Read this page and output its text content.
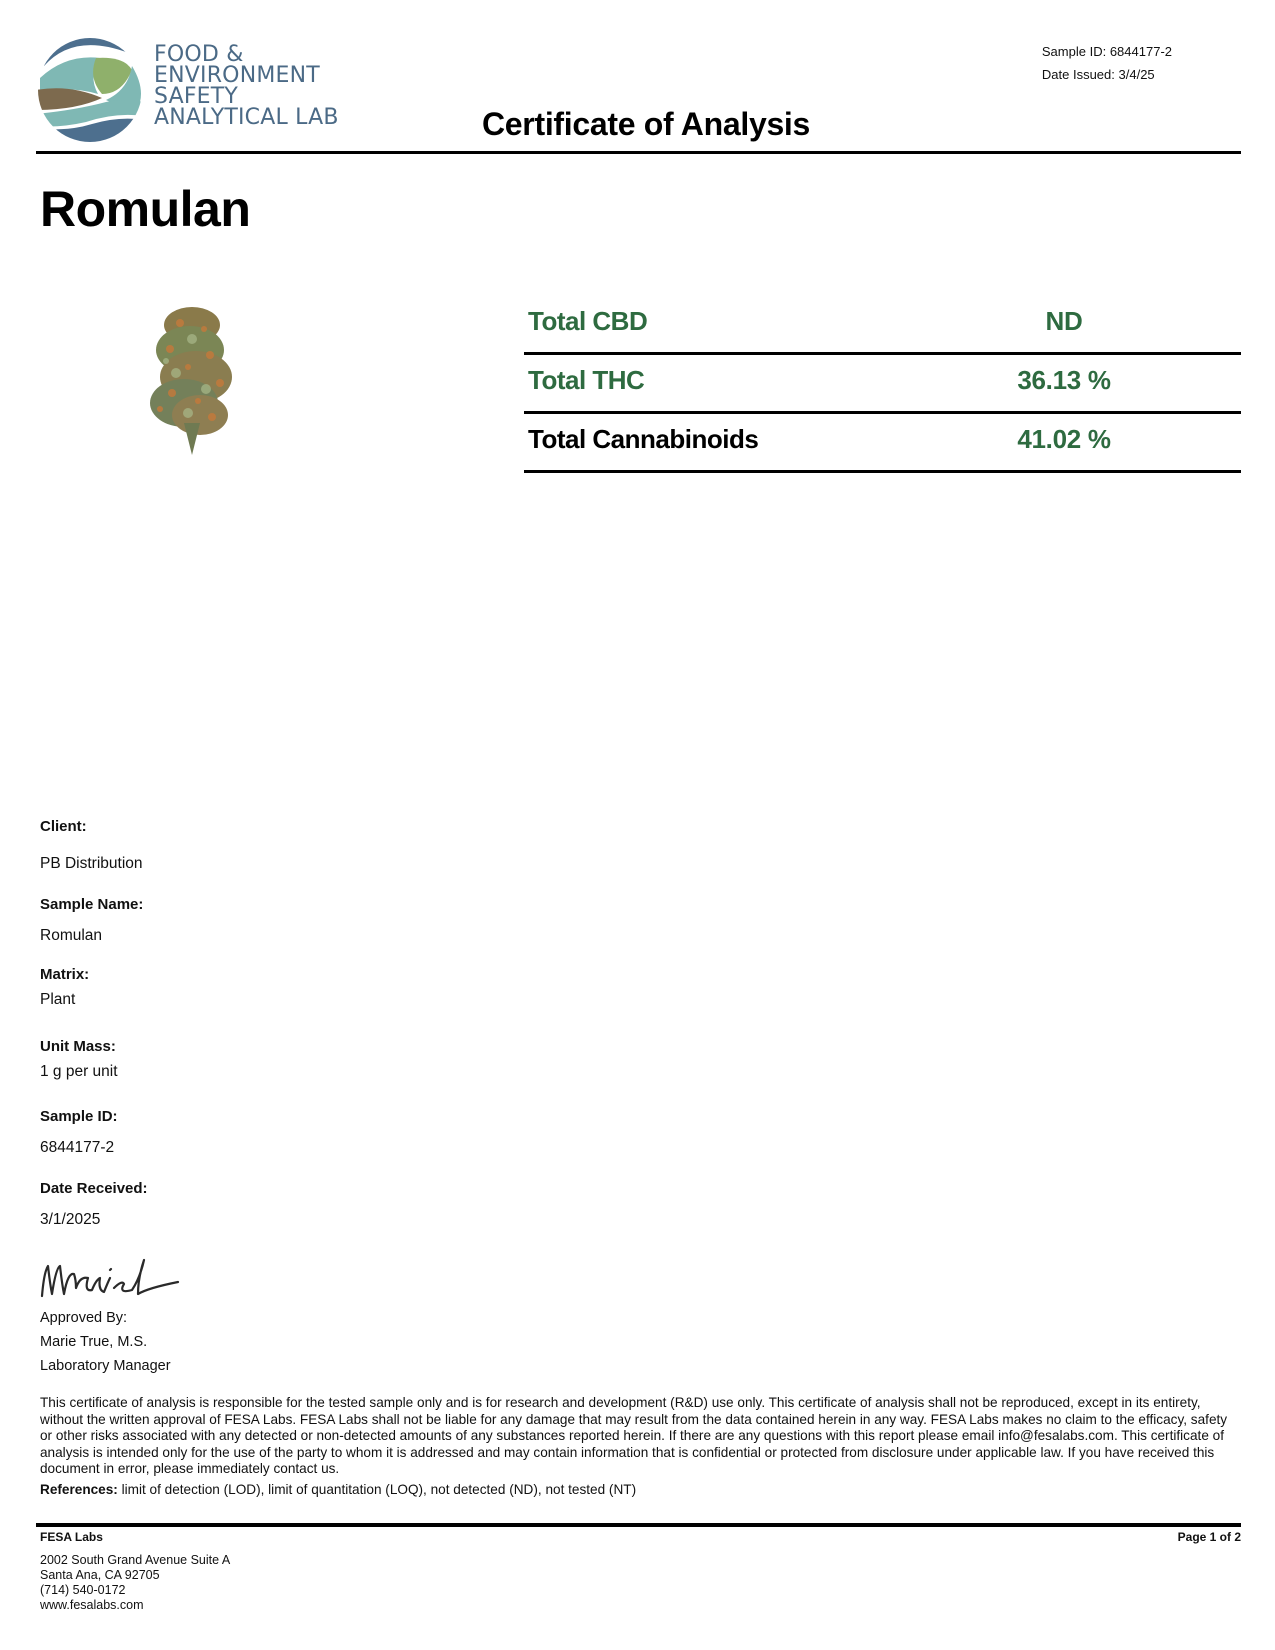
FOOD &
ENVIRONMENT
SAFETY
ANALYTICAL LAB
Sample ID: 6844177-2
Date Issued: 3/4/25
Certificate of Analysis
Romulan
Total CBD	ND
Total THC	36.13 %
Total Cannabinoids	41.02 %
Client:
PB Distribution
Sample Name:
Romulan
Matrix:
Plant
Unit Mass:
1 g per unit
Sample ID:
6844177-2
Date Received:
3/1/2025
Approved By:
Marie True, M.S.
Laboratory Manager
This certificate of analysis is responsible for the tested sample only and is for research and development (R&D) use only. This certificate of analysis shall not be reproduced, except in its entirety, without the written approval of FESA Labs. FESA Labs shall not be liable for any damage that may result from the data contained herein in any way. FESA Labs makes no claim to the efficacy, safety or other risks associated with any detected or non-detected amounts of any substances reported herein. If there are any questions with this report please email info@fesalabs.com. This certificate of analysis is intended only for the use of the party to whom it is addressed and may contain information that is confidential or protected from disclosure under applicable law. If you have received this document in error, please immediately contact us.
References: limit of detection (LOD), limit of quantitation (LOQ), not detected (ND), not tested (NT)
FESA Labs
2002 South Grand Avenue Suite A
Santa Ana, CA 92705
(714) 540-0172
www.fesalabs.com
Page 1 of 2
